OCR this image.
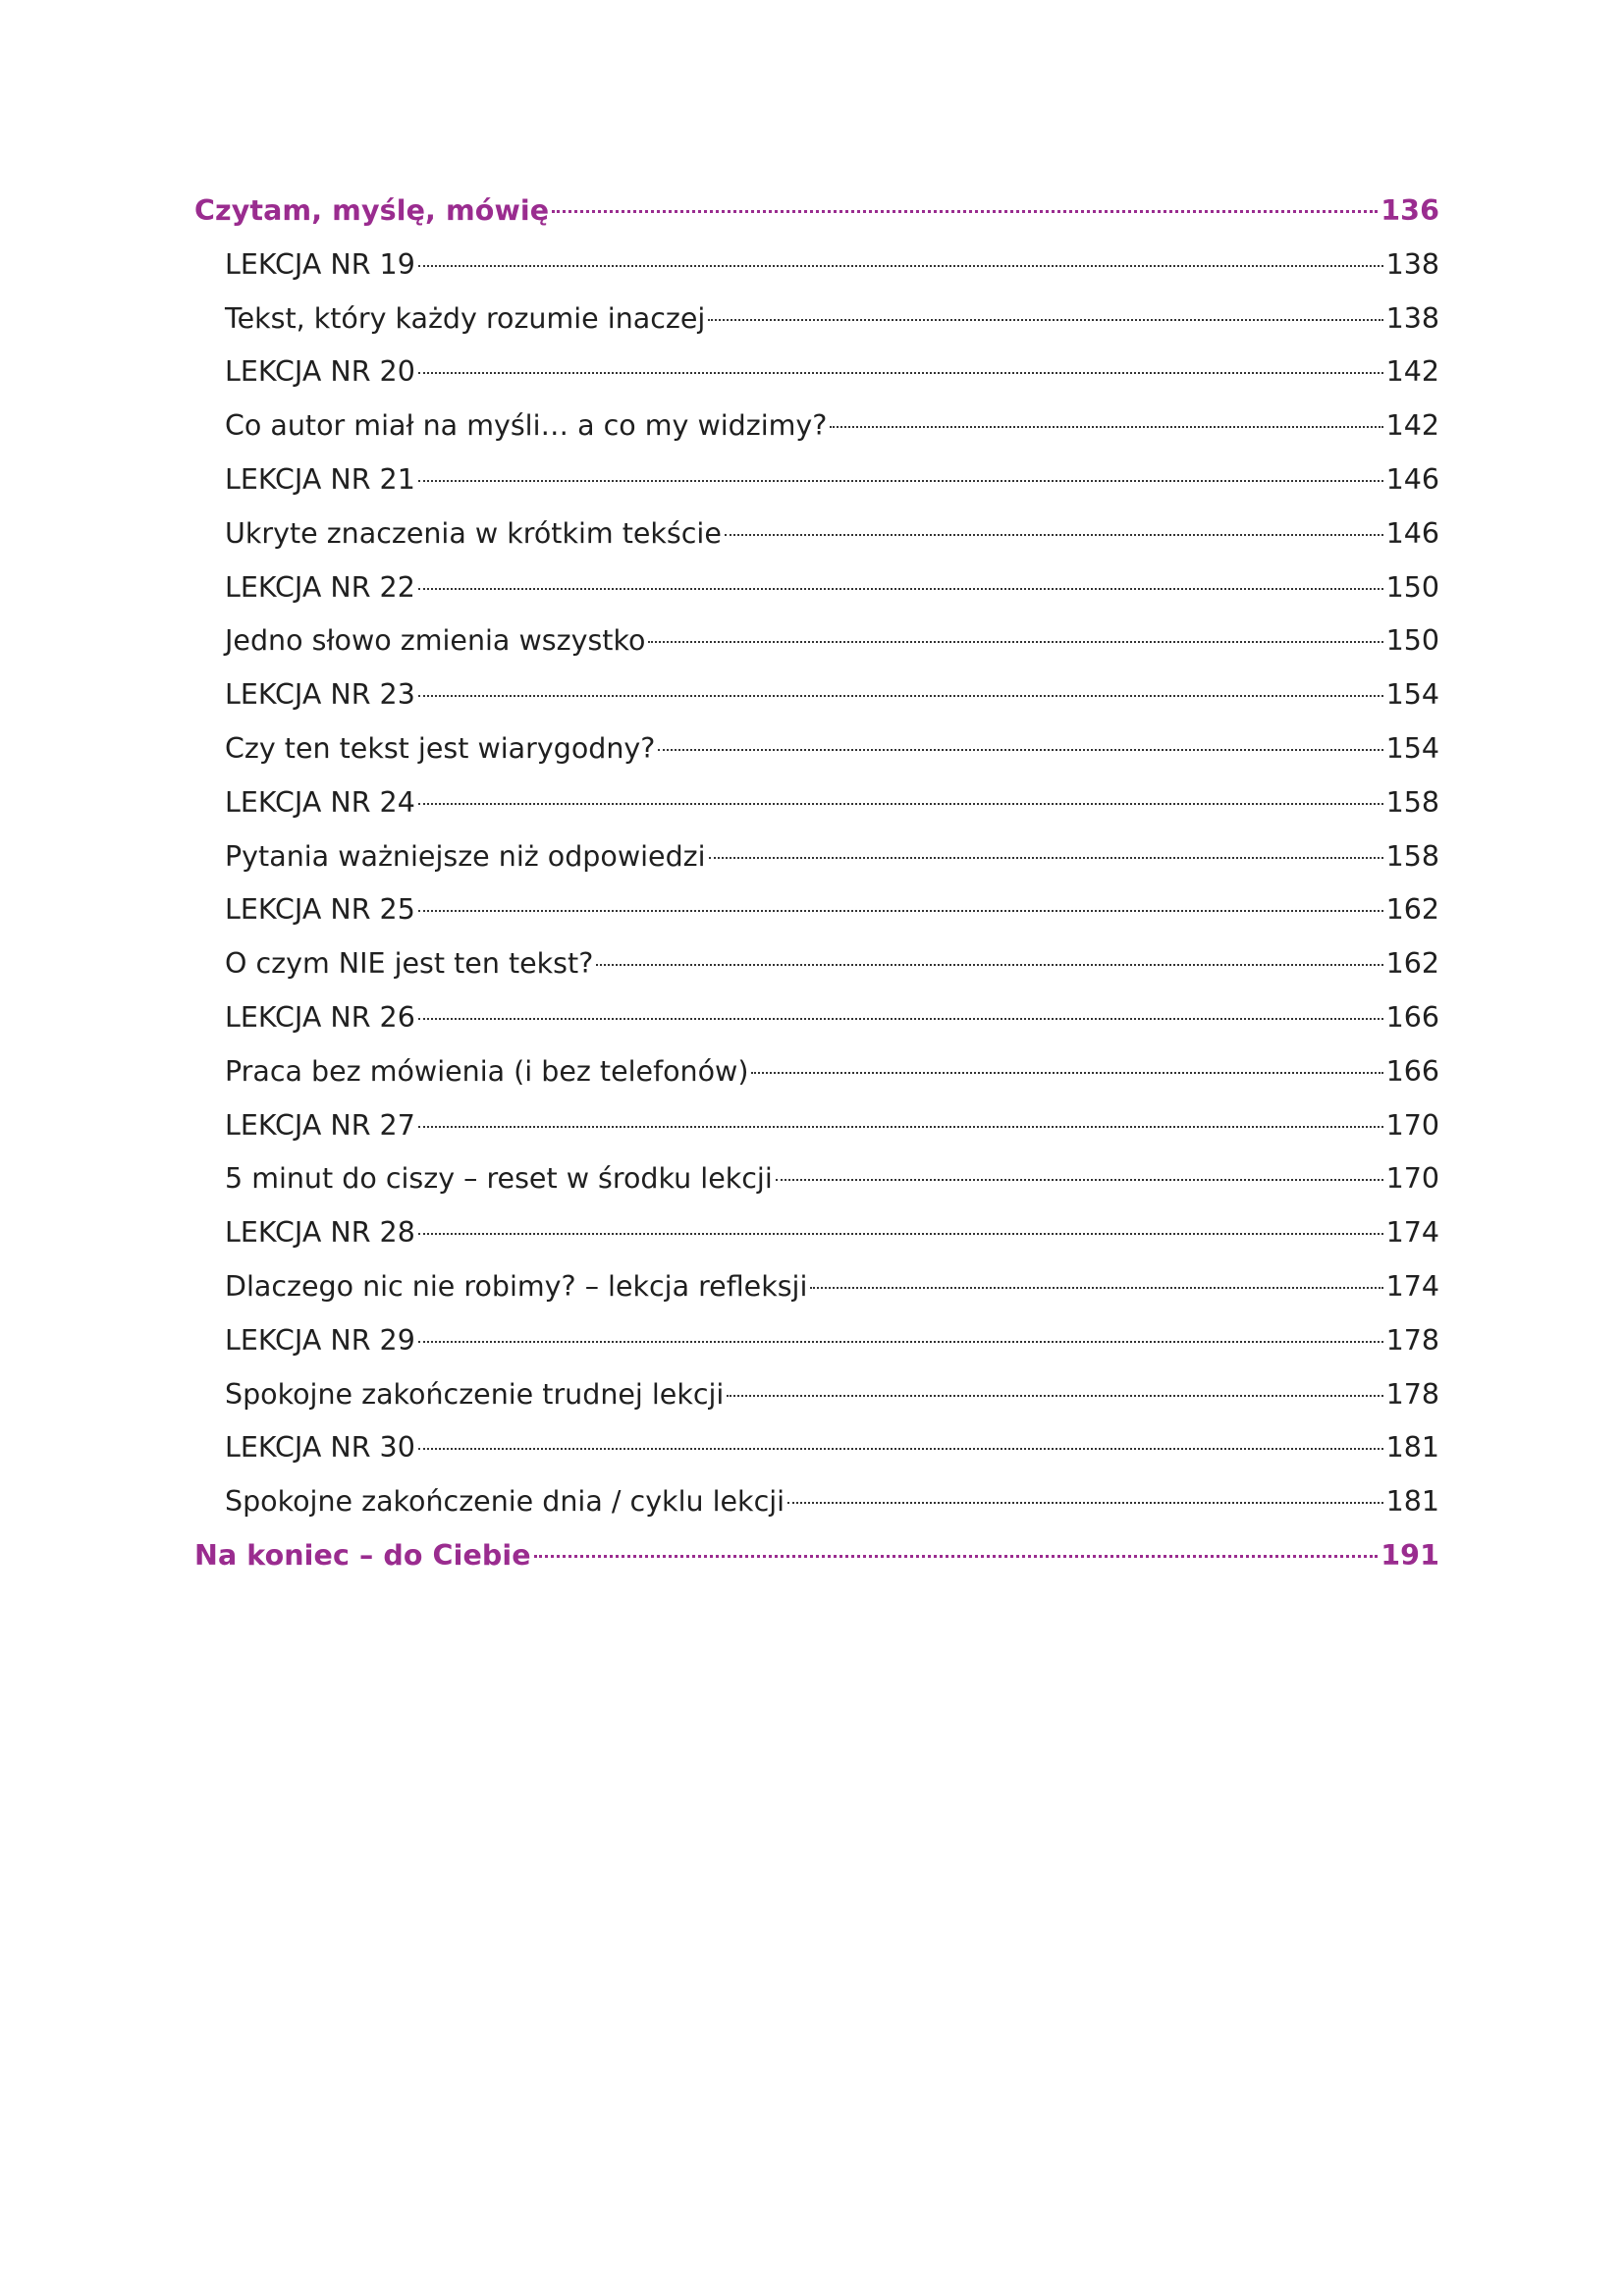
Czytam, myślę, mówię	136
LEKCJA NR 19	138
Tekst, który każdy rozumie inaczej	138
LEKCJA NR 20	142
Co autor miał na myśli… a co my widzimy?	142
LEKCJA NR 21	146
Ukryte znaczenia w krótkim tekście	146
LEKCJA NR 22	150
Jedno słowo zmienia wszystko	150
LEKCJA NR 23	154
Czy ten tekst jest wiarygodny?	154
LEKCJA NR 24	158
Pytania ważniejsze niż odpowiedzi	158
LEKCJA NR 25	162
O czym NIE jest ten tekst?	162
LEKCJA NR 26	166
Praca bez mówienia (i bez telefonów)	166
LEKCJA NR 27	170
5 minut do ciszy – reset w środku lekcji	170
LEKCJA NR 28	174
Dlaczego nic nie robimy? – lekcja refleksji	174
LEKCJA NR 29	178
Spokojne zakończenie trudnej lekcji	178
LEKCJA NR 30	181
Spokojne zakończenie dnia / cyklu lekcji	181
Na koniec – do Ciebie	191
